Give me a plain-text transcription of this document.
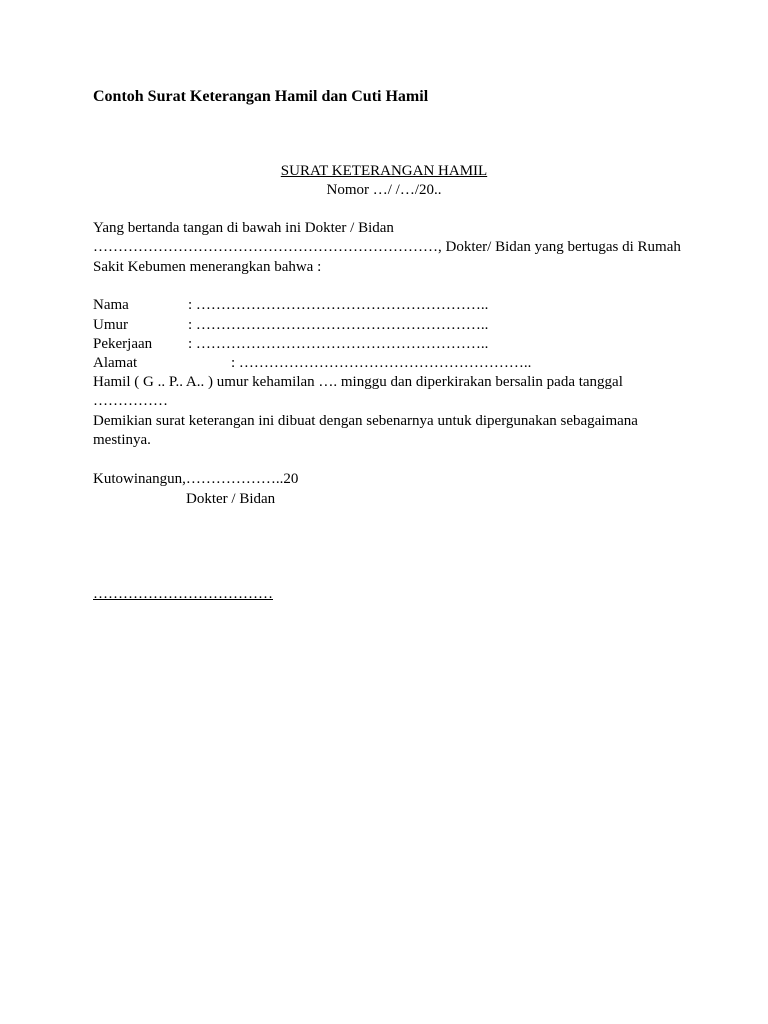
Contoh Surat Keterangan Hamil dan Cuti Hamil
SURAT KETERANGAN HAMIL
Nomor …/ /…/20..

Yang bertanda tangan di bawah ini Dokter / Bidan
……………………………………………………………, Dokter/ Bidan yang bertugas di Rumah
Sakit Kebumen menerangkan bahwa :

Nama	: …………………………………………………..
Umur	: …………………………………………………..
Pekerjaan : …………………………………………………..
Alamat	: …………………………………………………..
Hamil ( G .. P.. A.. ) umur kehamilan …. minggu dan diperkirakan bersalin pada tanggal
……………

Demikian surat keterangan ini dibuat dengan sebenarnya untuk dipergunakan sebagaimana mestinya.

Kutowinangun,………………..20
Dokter / Bidan
………………………………
